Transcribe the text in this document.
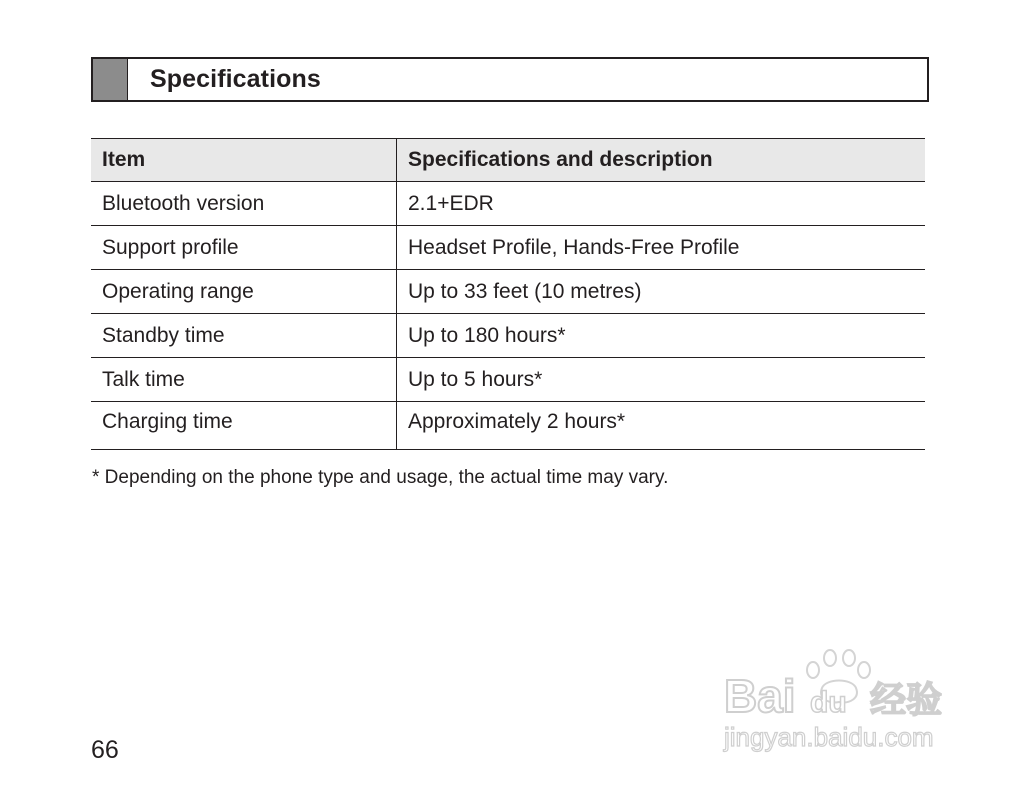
Specifications
Item	Specifications and description
Bluetooth version	2.1+EDR
Support profile	Headset Profile, Hands-Free Profile
Operating range	Up to 33 feet (10 metres)
Standby time	Up to 180 hours*
Talk time	Up to 5 hours*
Charging time	Approximately 2 hours*
* Depending on the phone type and usage, the actual time may vary.
66
Bai du 经验
jingyan.baidu.com
